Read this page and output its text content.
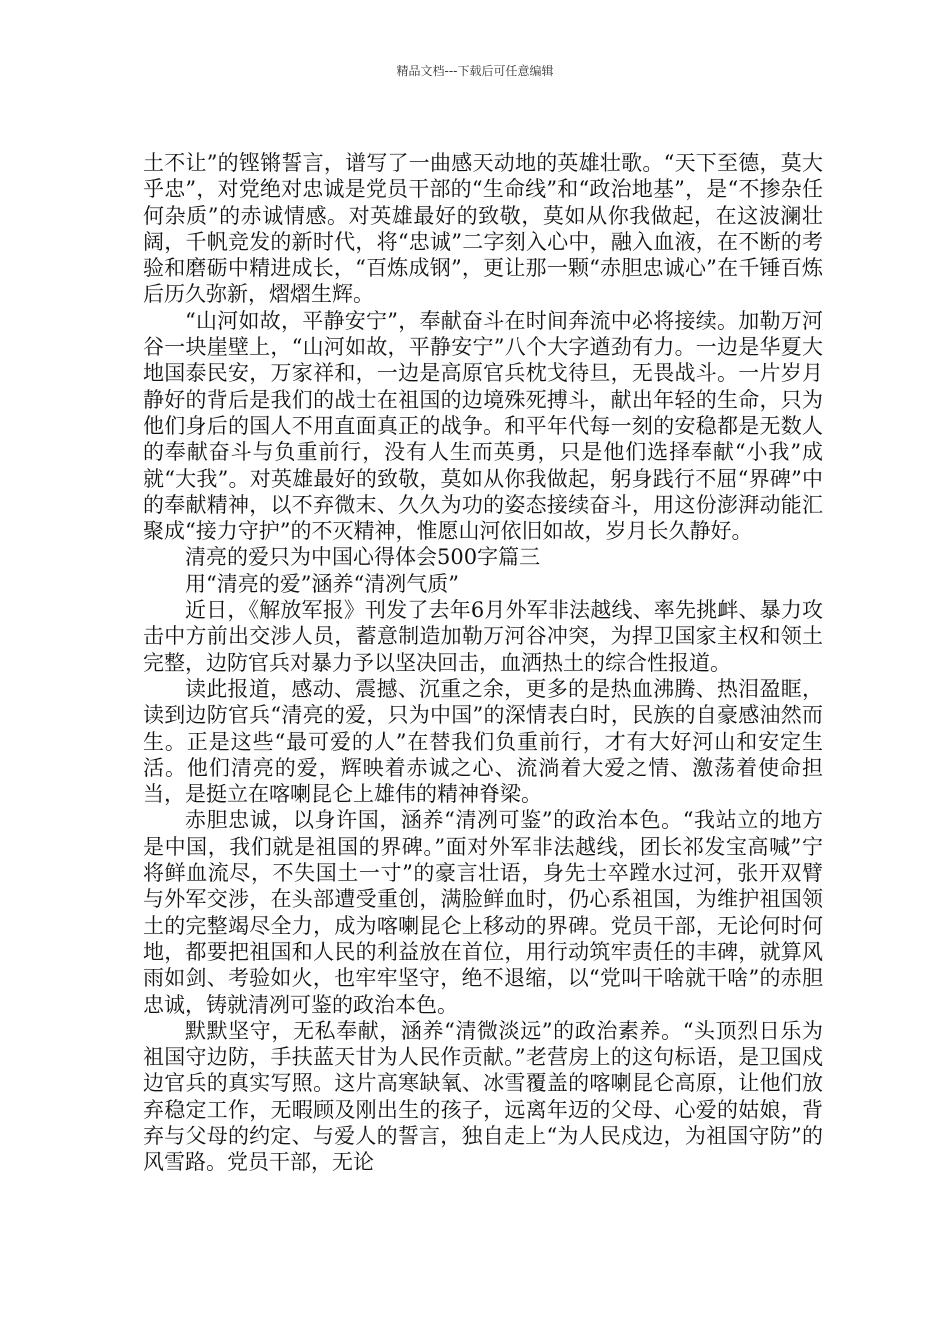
精品文档---下载后可任意编辑

土不让”的铿锵誓言，谱写了一曲感天动地的英雄壮歌。“天下至德，莫大乎忠”，对党绝对忠诚是党员干部的“生命线”和“政治地基”，是“不掺杂任何杂质”的赤诚情感。对英雄最好的致敬，莫如从你我做起，在这波澜壮阔，千帆竞发的新时代，将“忠诚”二字刻入心中，融入血液，在不断的考验和磨砺中精进成长，“百炼成钢”，更让那一颗“赤胆忠诚心”在千锤百炼后历久弥新，熠熠生辉。

“山河如故，平静安宁”，奉献奋斗在时间奔流中必将接续。加勒万河谷一块崖壁上，“山河如故，平静安宁”八个大字遒劲有力。一边是华夏大地国泰民安，万家祥和，一边是高原官兵枕戈待旦，无畏战斗。一片岁月静好的背后是我们的战士在祖国的边境殊死搏斗，献出年轻的生命，只为他们身后的国人不用直面真正的战争。和平年代每一刻的安稳都是无数人的奉献奋斗与负重前行，没有人生而英勇，只是他们选择奉献“小我”成就“大我”。对英雄最好的致敬，莫如从你我做起，躬身践行不屈“界碑”中的奉献精神，以不弃微末、久久为功的姿态接续奋斗，用这份澎湃动能汇聚成“接力守护”的不灭精神，惟愿山河依旧如故，岁月长久静好。

清亮的爱只为中国心得体会500字篇三

用“清亮的爱”涵养“清冽气质”

近日，《解放军报》刊发了去年6月外军非法越线、率先挑衅、暴力攻击中方前出交涉人员，蓄意制造加勒万河谷冲突，为捍卫国家主权和领土完整，边防官兵对暴力予以坚决回击，血洒热土的综合性报道。

读此报道，感动、震撼、沉重之余，更多的是热血沸腾、热泪盈眶，读到边防官兵“清亮的爱，只为中国”的深情表白时，民族的自豪感油然而生。正是这些“最可爱的人”在替我们负重前行，才有大好河山和安定生活。他们清亮的爱，辉映着赤诚之心、流淌着大爱之情、激荡着使命担当，是挺立在喀喇昆仑上雄伟的精神脊梁。

赤胆忠诚，以身许国，涵养“清冽可鉴”的政治本色。“我站立的地方是中国，我们就是祖国的界碑。”面对外军非法越线，团长祁发宝高喊”宁将鲜血流尽，不失国土一寸”的豪言壮语，身先士卒蹚水过河，张开双臂与外军交涉，在头部遭受重创，满脸鲜血时，仍心系祖国，为维护祖国领土的完整竭尽全力，成为喀喇昆仑上移动的界碑。党员干部，无论何时何地，都要把祖国和人民的利益放在首位，用行动筑牢责任的丰碑，就算风雨如剑、考验如火，也牢牢坚守，绝不退缩，以“党叫干啥就干啥”的赤胆忠诚，铸就清冽可鉴的政治本色。

默默坚守，无私奉献，涵养“清微淡远”的政治素养。“头顶烈日乐为祖国守边防，手扶蓝天甘为人民作贡献。”老营房上的这句标语，是卫国戍边官兵的真实写照。这片高寒缺氧、冰雪覆盖的喀喇昆仑高原，让他们放弃稳定工作，无暇顾及刚出生的孩子，远离年迈的父母、心爱的姑娘，背弃与父母的约定、与爱人的誓言，独自走上“为人民戍边，为祖国守防”的风雪路。党员干部，无论
